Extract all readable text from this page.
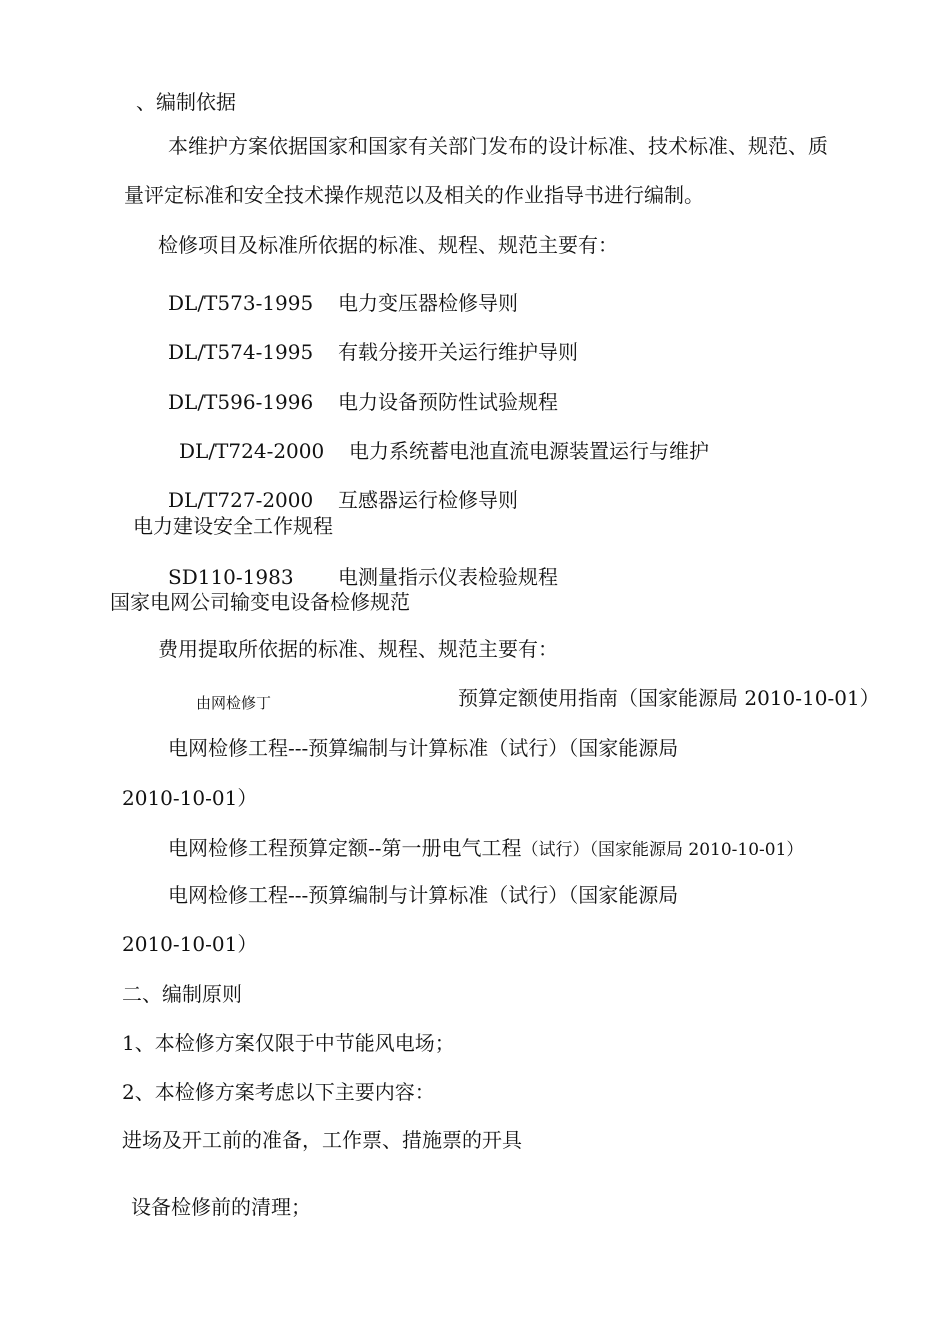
、编制依据
本维护方案依据国家和国家有关部门发布的设计标准、技术标准、规范、质
量评定标准和安全技术操作规范以及相关的作业指导书进行编制。
检修项目及标准所依据的标准、规程、规范主要有：
DL/T573-1995 电力变压器检修导则
DL/T574-1995 有载分接开关运行维护导则
DL/T596-1996 电力设备预防性试验规程
DL/T724-2000 电力系统蓄电池直流电源装置运行与维护
DL/T727-2000 互感器运行检修导则
电力建设安全工作规程
SD110-1983 电测量指示仪表检验规程
国家电网公司输变电设备检修规范
费用提取所依据的标准、规程、规范主要有：
由网检修丁	预算定额使用指南（国家能源局 2010-10-01）
电网检修工程---预算编制与计算标准（试行）（国家能源局
2010-10-01）
电网检修工程预算定额--第一册电气工程（试行）（国家能源局 2010-10-01）
电网检修工程---预算编制与计算标准（试行）（国家能源局
2010-10-01）
二、编制原则
1、本检修方案仅限于中节能风电场；
2、本检修方案考虑以下主要内容：
进场及开工前的准备，工作票、措施票的开具
设备检修前的清理；
